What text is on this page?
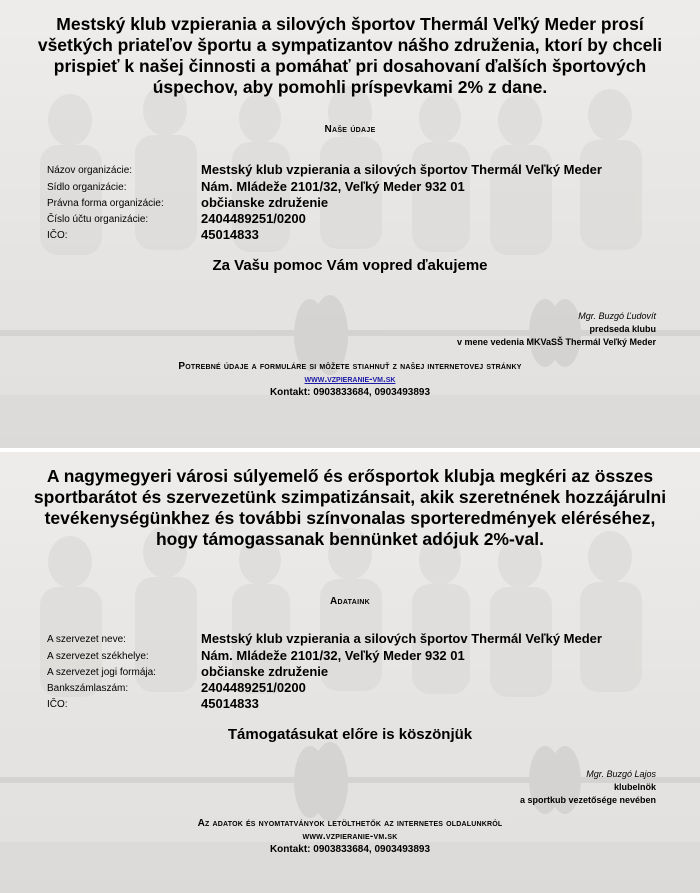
Mestský klub vzpierania a silových športov Thermál Veľký Meder prosí všetkých priateľov športu a sympatizantov nášho združenia, ktorí by chceli prispieť k našej činnosti a pomáhať pri dosahovaní ďalších športových úspechov, aby pomohli príspevkami 2% z dane.
Naše údaje
Názov organizácie:	Mestský klub vzpierania a silových športov Thermál Veľký Meder
Sídlo organizácie:	Nám. Mládeže 2101/32, Veľký Meder 932 01
Právna forma organizácie:	občianske združenie
Číslo účtu organizácie:	2404489251/0200
IČO:	45014833
Za Vašu pomoc Vám vopred ďakujeme
Mgr. Buzgó Ľudovít
predseda klubu
v mene vedenia MKVaSŠ Thermál Veľký Meder
Potrebné údaje a formuláre si môžete stiahnuť z našej internetovej stránky
www.vzpieranie-vm.sk
Kontakt: 0903833684, 0903493893
A nagymegyeri városi súlyemelő és erősportok klubja megkéri az összes sportbarátot és szervezetünk szimpatizánsait, akik szeretnének hozzájárulni tevékenységünkhez és további színvonalas sporteredmények eléréséhez, hogy támogassanak bennünket adójuk 2%-val.
Adataink
A szervezet neve:	Mestský klub vzpierania a silových športov Thermál Veľký Meder
A szervezet székhelye:	Nám. Mládeže 2101/32, Veľký Meder 932 01
A szervezet jogi formája:	občianske združenie
Bankszámlaszám:	2404489251/0200
IČO:	45014833
Támogatásukat előre is köszönjük
Mgr. Buzgó Lajos
klubelnök
a sportkub vezetősége nevében
Az adatok és nyomtatványok letölthetők az internetes oldalunkról
www.vzpieranie-vm.sk
Kontakt: 0903833684, 0903493893
